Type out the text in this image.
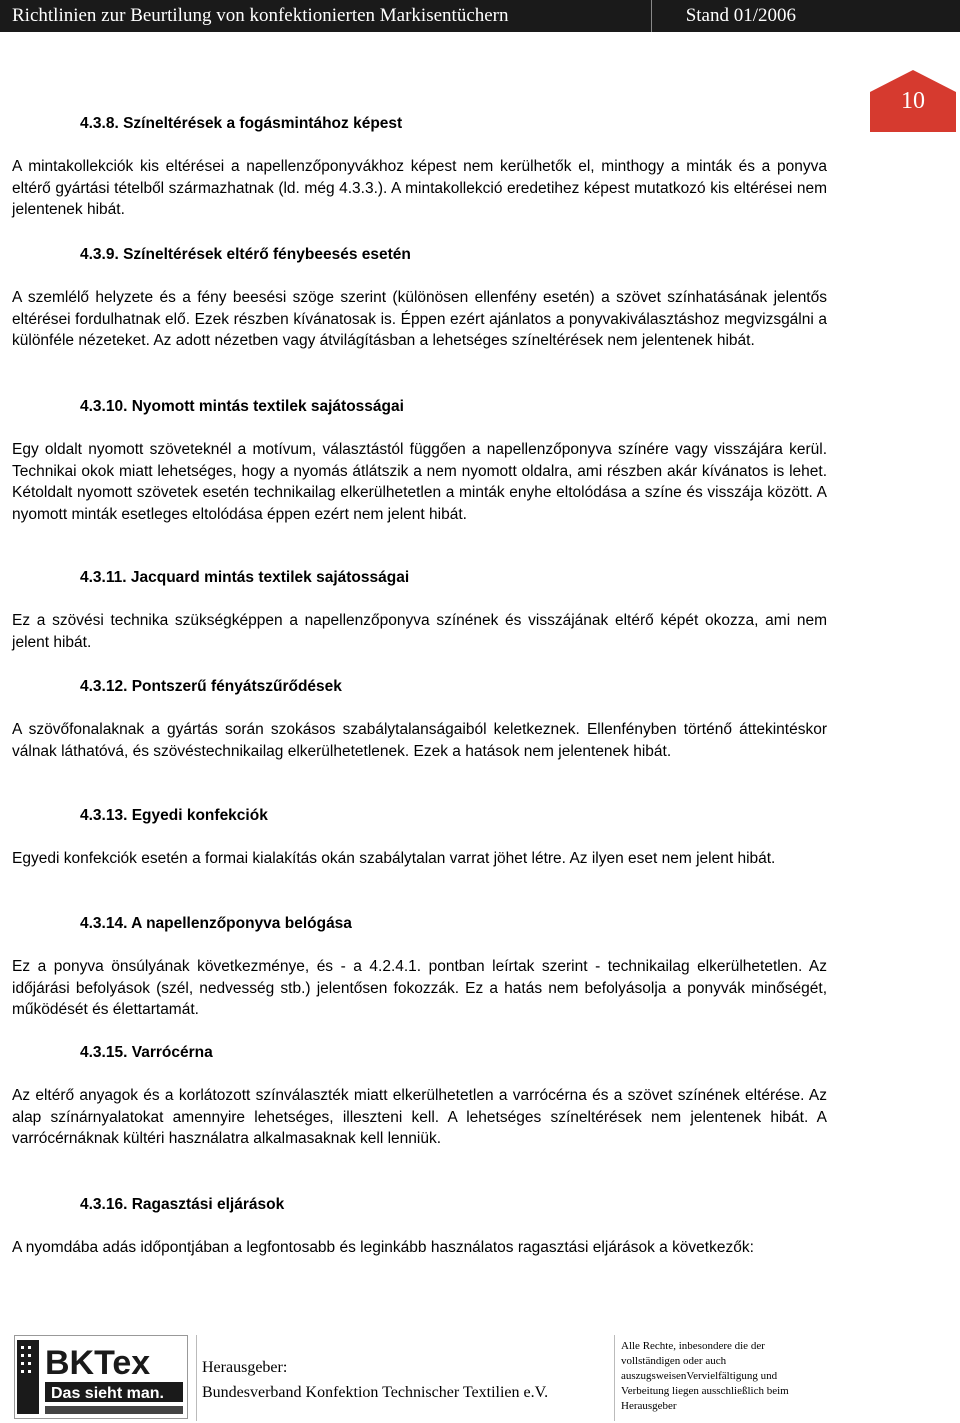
Richtlinien zur Beurtilung von konfektionierten Markisentüchern	Stand 01/2006
10

4.3.8. Színeltérések a fogásmintához képest

A mintakollekciók kis eltérései a napellenzőponyvákhoz képest nem kerülhetők el, minthogy a minták és a ponyva eltérő gyártási tételből származhatnak (ld. még 4.3.3.). A mintakollekció eredetihez képest mutatkozó kis eltérései nem jelentenek hibát.

4.3.9. Színeltérések eltérő fénybeesés esetén

A szemlélő helyzete és a fény beesési szöge szerint (különösen ellenfény esetén) a szövet színhatásának jelentős eltérései fordulhatnak elő. Ezek részben kívánatosak is. Éppen ezért ajánlatos a ponyvakiválasztáshoz megvizsgálni a különféle nézeteket. Az adott nézetben vagy átvilágításban a lehetséges színeltérések nem jelentenek hibát.

4.3.10. Nyomott mintás textilek sajátosságai

Egy oldalt nyomott szöveteknél a motívum, választástól függően a napellenzőponyva színére vagy visszájára kerül. Technikai okok miatt lehetséges, hogy a nyomás átlátszik a nem nyomott oldalra, ami részben akár kívánatos is lehet. Kétoldalt nyomott szövetek esetén technikailag elkerülhetetlen a minták enyhe eltolódása a színe és visszája között. A nyomott minták esetleges eltolódása éppen ezért nem jelent hibát.

4.3.11. Jacquard mintás textilek sajátosságai

Ez a szövési technika szükségképpen a napellenzőponyva színének és visszájának eltérő képét okozza, ami nem jelent hibát.

4.3.12. Pontszerű fényátszűrődések

A szövőfonalaknak a gyártás során szokásos szabálytalanságaiból keletkeznek. Ellenfényben történő áttekintéskor válnak láthatóvá, és szövéstechnikailag elkerülhetetlenek. Ezek a hatások nem jelentenek hibát.

4.3.13. Egyedi konfekciók

Egyedi konfekciók esetén a formai kialakítás okán szabálytalan varrat jöhet létre. Az ilyen eset nem jelent hibát.

4.3.14. A napellenzőponyva belógása

Ez a ponyva önsúlyának következménye, és - a 4.2.4.1. pontban leírtak szerint - technikailag elkerülhetetlen. Az időjárási befolyások (szél, nedvesség stb.) jelentősen fokozzák. Ez a hatás nem befolyásolja a ponyvák minőségét, működését és élettartamát.

4.3.15. Varrócérna

Az eltérő anyagok és a korlátozott színválaszték miatt elkerülhetetlen a varrócérna és a szövet színének eltérése. Az alap színárnyalatokat amennyire lehetséges, illeszteni kell. A lehetséges színeltérések nem jelentenek hibát. A varrócérnáknak kültéri használatra alkalmasaknak kell lenniük.

4.3.16. Ragasztási eljárások

A nyomdába adás időpontjában a legfontosabb és leginkább használatos ragasztási eljárások a következők:

BKTex
Das sieht man.
Herausgeber:
Bundesverband Konfektion Technischer Textilien e.V.
Alle Rechte, inbesondere die der vollständigen oder auch auszugsweisenVervielfältigung und Verbeitung liegen ausschließlich beim Herausgeber
